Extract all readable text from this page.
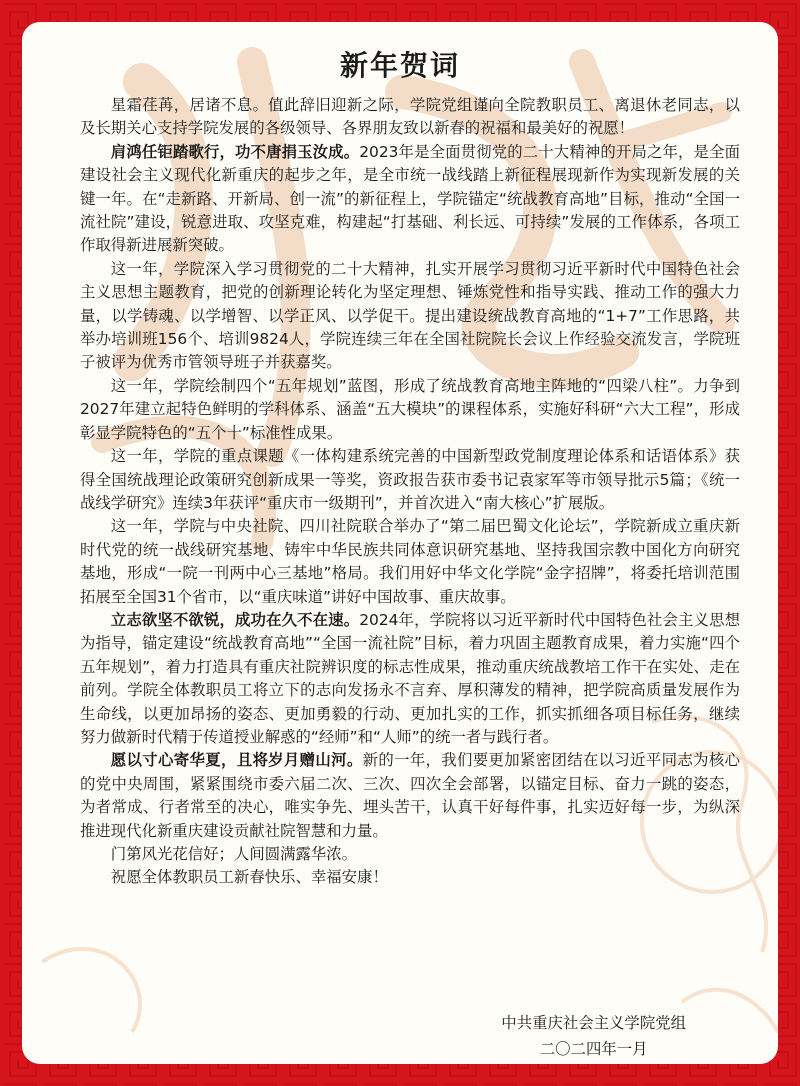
新年贺词

星霜荏苒，居诸不息。值此辞旧迎新之际，学院党组谨向全院教职员工、离退休老同志，以及长期关心支持学院发展的各级领导、各界朋友致以新春的祝福和最美好的祝愿！

肩鸿任钜踏歌行，功不唐捐玉汝成。2023年是全面贯彻党的二十大精神的开局之年，是全面建设社会主义现代化新重庆的起步之年，是全市统一战线踏上新征程展现新作为实现新发展的关键一年。在“走新路、开新局、创一流”的新征程上，学院锚定“统战教育高地”目标，推动“全国一流社院”建设，锐意进取、攻坚克难，构建起“打基础、利长远、可持续”发展的工作体系，各项工作取得新进展新突破。

这一年，学院深入学习贯彻党的二十大精神，扎实开展学习贯彻习近平新时代中国特色社会主义思想主题教育，把党的创新理论转化为坚定理想、锤炼党性和指导实践、推动工作的强大力量，以学铸魂、以学增智、以学正风、以学促干。提出建设统战教育高地的“1+7”工作思路，共举办培训班156个、培训9824人，学院连续三年在全国社院院长会议上作经验交流发言，学院班子被评为优秀市管领导班子并获嘉奖。

这一年，学院绘制四个“五年规划”蓝图，形成了统战教育高地主阵地的“四梁八柱”。力争到 2027年建立起特色鲜明的学科体系、涵盖“五大模块”的课程体系，实施好科研“六大工程”，形成彰显学院特色的“五个十”标准性成果。

这一年，学院的重点课题《一体构建系统完善的中国新型政党制度理论体系和话语体系》获得全国统战理论政策研究创新成果一等奖，资政报告获市委书记袁家军等市领导批示5篇；《统一战线学研究》连续3年获评“重庆市一级期刊”，并首次进入“南大核心”扩展版。

这一年，学院与中央社院、四川社院联合举办了“第二届巴蜀文化论坛”，学院新成立重庆新时代党的统一战线研究基地、铸牢中华民族共同体意识研究基地、坚持我国宗教中国化方向研究基地，形成“一院一刊两中心三基地”格局。我们用好中华文化学院“金字招牌”，将委托培训范围拓展至全国31个省市，以“重庆味道”讲好中国故事、重庆故事。

立志欲坚不欲锐，成功在久不在速。2024年，学院将以习近平新时代中国特色社会主义思想为指导，锚定建设“统战教育高地”“全国一流社院”目标，着力巩固主题教育成果，着力实施“四个五年规划”，着力打造具有重庆社院辨识度的标志性成果，推动重庆统战教培工作干在实处、走在前列。学院全体教职员工将立下的志向发扬永不言弃、厚积薄发的精神，把学院高质量发展作为生命线，以更加昂扬的姿态、更加勇毅的行动、更加扎实的工作，抓实抓细各项目标任务，继续努力做新时代精于传道授业解惑的“经师”和“人师”的统一者与践行者。

愿以寸心寄华夏，且将岁月赠山河。新的一年，我们要更加紧密团结在以习近平同志为核心的党中央周围，紧紧围绕市委六届二次、三次、四次全会部署，以锚定目标、奋力一跳的姿态，为者常成、行者常至的决心，唯实争先、埋头苦干，认真干好每件事，扎实迈好每一步，为纵深推进现代化新重庆建设贡献社院智慧和力量。

门第风光花信好；人间圆满露华浓。

祝愿全体教职员工新春快乐、幸福安康！

中共重庆社会主义学院党组
二〇二四年一月
